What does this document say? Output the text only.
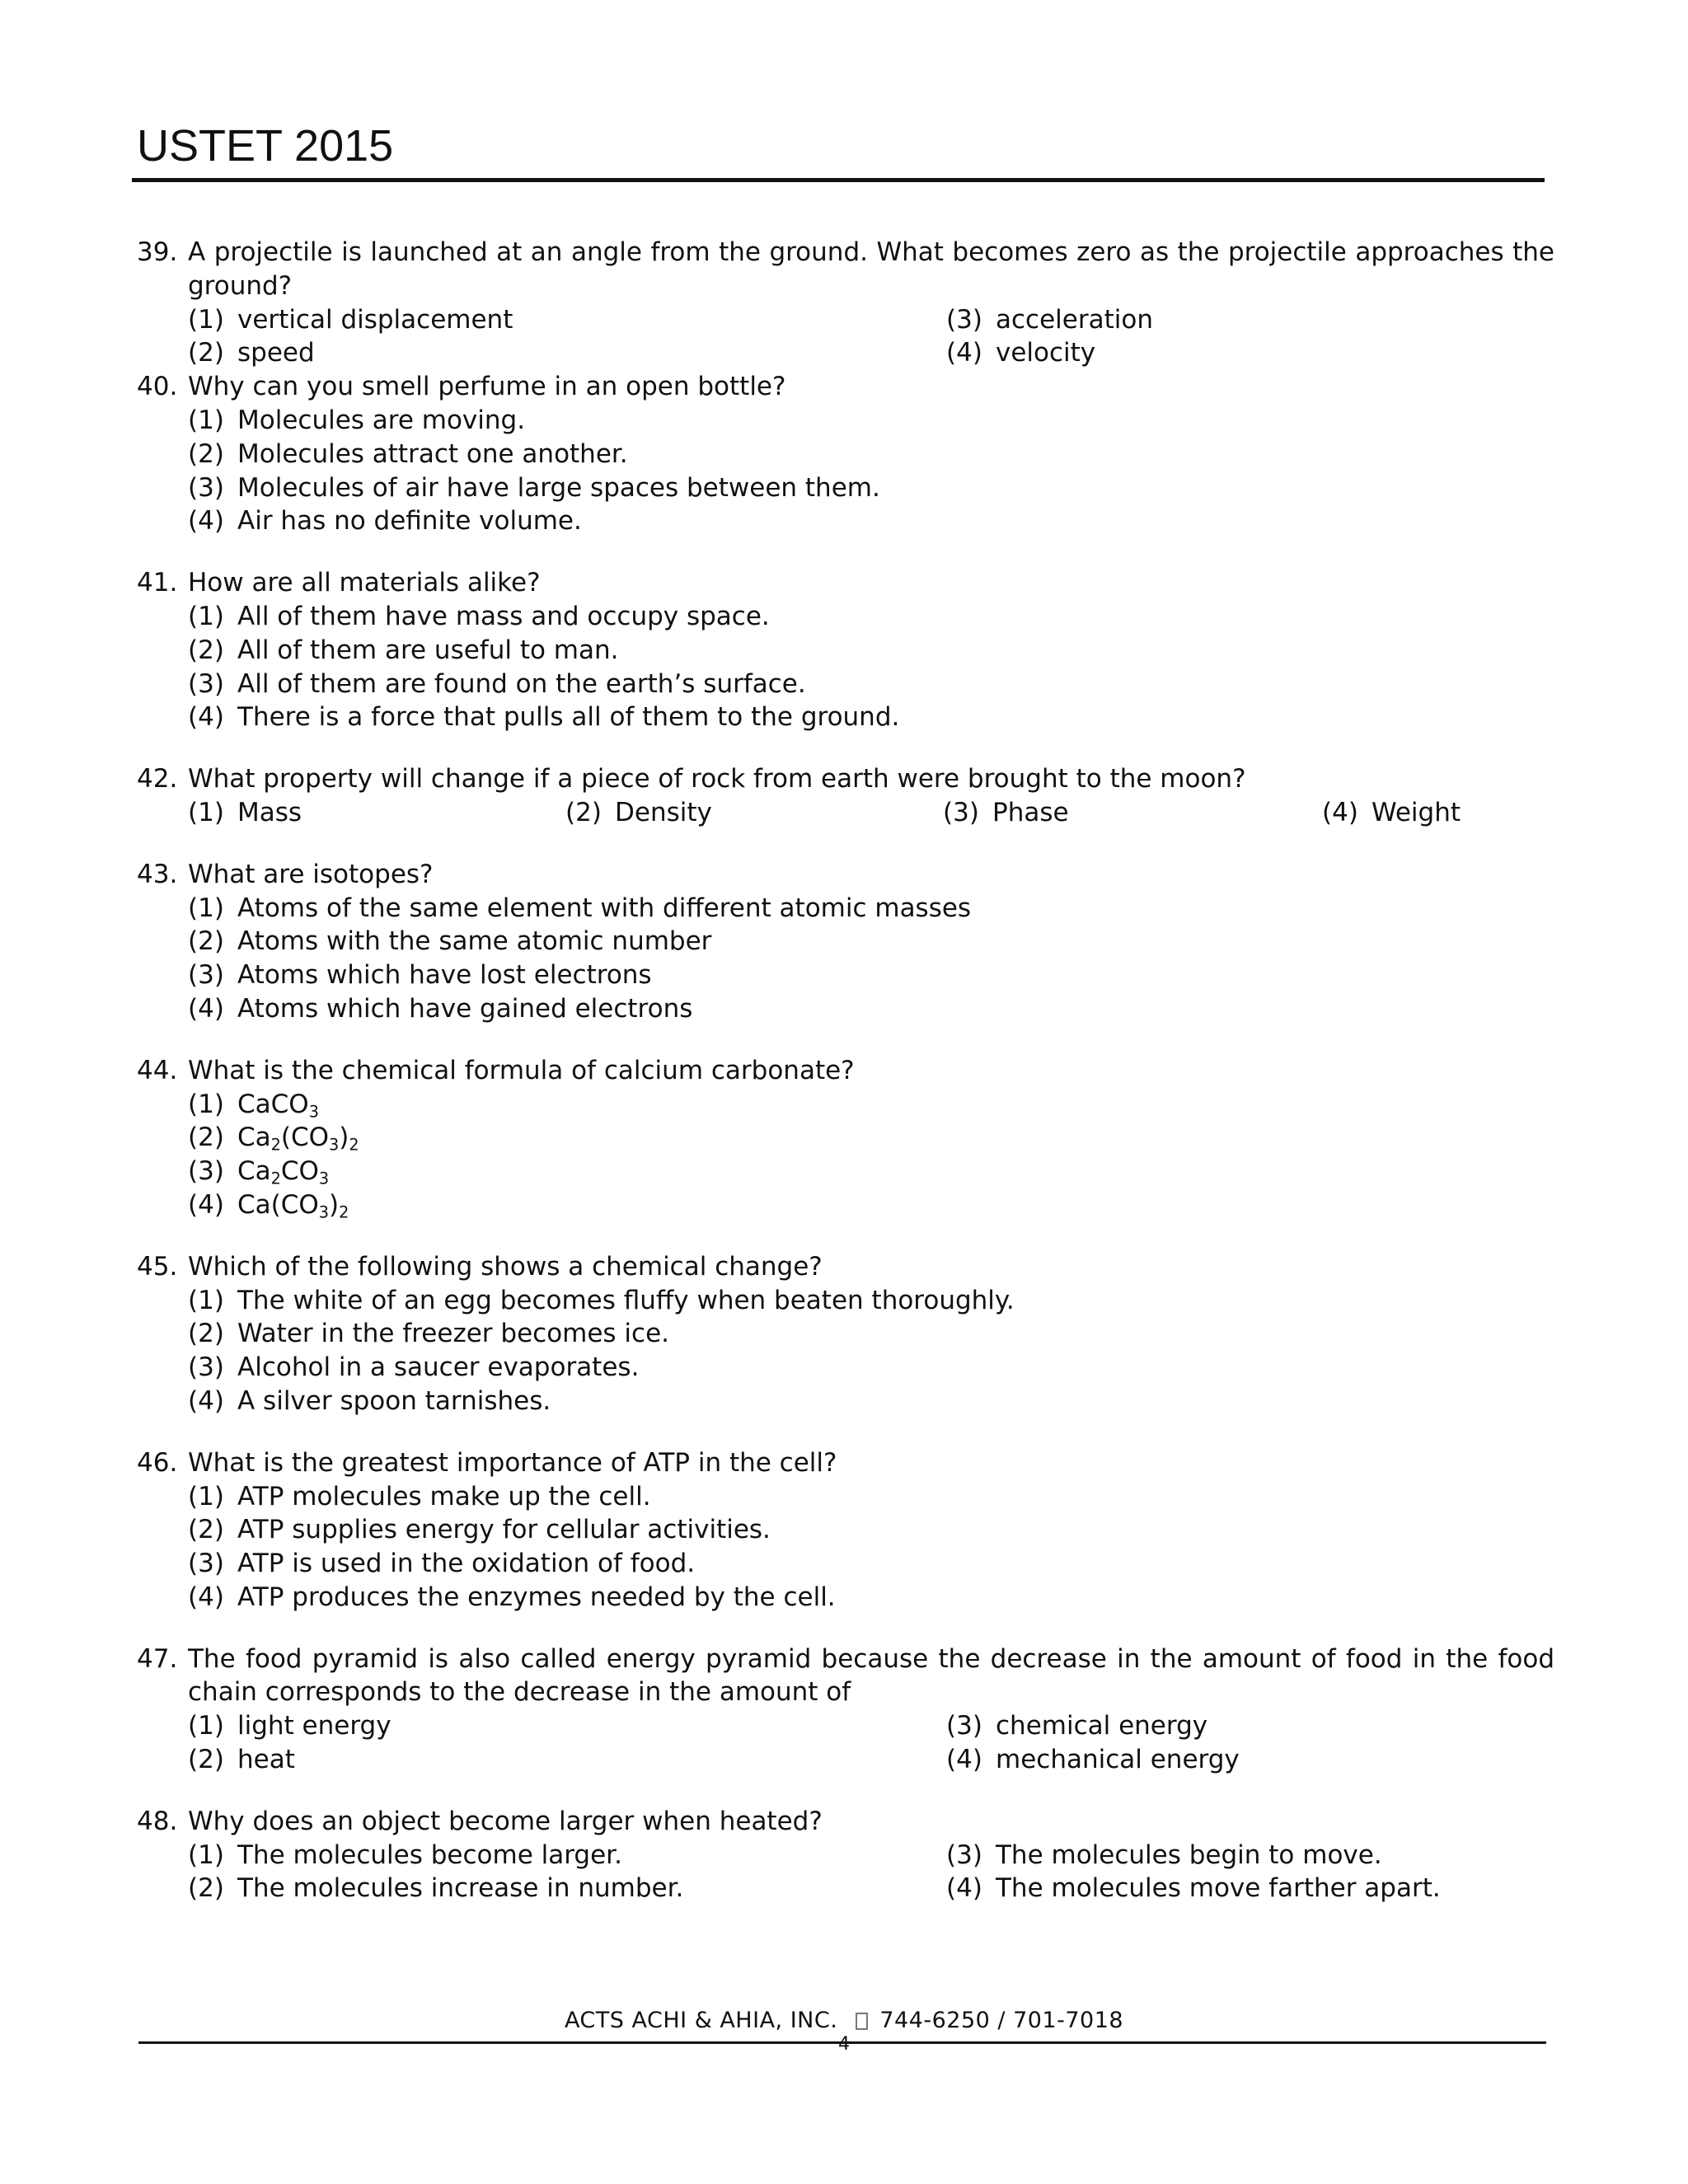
USTET 2015
39. A projectile is launched at an angle from the ground. What becomes zero as the projectile approaches the ground?
(1) vertical displacement	(3) acceleration
(2) speed	(4) velocity
40. Why can you smell perfume in an open bottle?
(1) Molecules are moving.
(2) Molecules attract one another.
(3) Molecules of air have large spaces between them.
(4) Air has no definite volume.
41. How are all materials alike?
(1) All of them have mass and occupy space.
(2) All of them are useful to man.
(3) All of them are found on the earth’s surface.
(4) There is a force that pulls all of them to the ground.
42. What property will change if a piece of rock from earth were brought to the moon?
(1) Mass	(2) Density	(3) Phase	(4) Weight
43. What are isotopes?
(1) Atoms of the same element with different atomic masses
(2) Atoms with the same atomic number
(3) Atoms which have lost electrons
(4) Atoms which have gained electrons
44. What is the chemical formula of calcium carbonate?
(1) CaCO$_3$
(2) $Ca_2(CO_3)_2$
(3) $Ca_2CO_3$
(4) $Ca(CO_3)_2$
45. Which of the following shows a chemical change?
(1) The white of an egg becomes fluffy when beaten thoroughly.
(2) Water in the freezer becomes ice.
(3) Alcohol in a saucer evaporates.
(4) A silver spoon tarnishes.
46. What is the greatest importance of ATP in the cell?
(1) ATP molecules make up the cell.
(2) ATP supplies energy for cellular activities.
(3) ATP is used in the oxidation of food.
(4) ATP produces the enzymes needed by the cell.
47. The food pyramid is also called energy pyramid because the decrease in the amount of food in the food chain corresponds to the decrease in the amount of
(1) light energy	(3) chemical energy
(2) heat	(4) mechanical energy
48. Why does an object become larger when heated?
(1) The molecules become larger.	(3) The molecules begin to move.
(2) The molecules increase in number.	(4) The molecules move farther apart.
ACTS ACHI & AHIA, INC. 744-6250 / 701-7018
4
